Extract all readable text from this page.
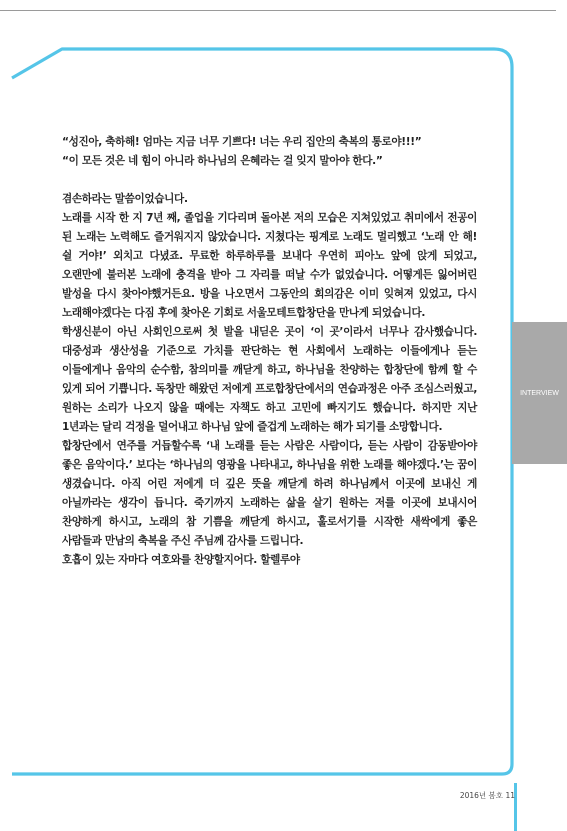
“성진아, 축하해! 엄마는 지금 너무 기쁘다! 너는 우리 집안의 축복의 통로야!!!”

“이 모든 것은 네 힘이 아니라 하나님의 은혜라는 걸 잊지 말아야 한다.”

겸손하라는 말씀이었습니다.

노래를 시작 한 지 7년 째, 졸업을 기다리며 돌아본 저의 모습은 지쳐있었고 취미에서 전공이 된 노래는 노력해도 즐거워지지 않았습니다. 지쳤다는 핑계로 노래도 멀리했고 ‘노래 안 해! 쉴 거야!’ 외치고 다녔죠. 무료한 하루하루를 보내다 우연히 피아노 앞에 앉게 되었고, 오랜만에 불러본 노래에 충격을 받아 그 자리를 떠날 수가 없었습니다. 어떻게든 잃어버린 발성을 다시 찾아야했거든요. 방을 나오면서 그동안의 회의감은 이미 잊혀져 있었고, 다시 노래해야겠다는 다짐 후에 찾아온 기회로 서울모테트합창단을 만나게 되었습니다.

학생신분이 아닌 사회인으로써 첫 발을 내딛은 곳이 ‘이 곳’이라서 너무나 감사했습니다. 대중성과 생산성을 기준으로 가치를 판단하는 현 사회에서 노래하는 이들에게나 듣는 이들에게나 음악의 순수함, 참의미를 깨닫게 하고, 하나님을 찬양하는 합창단에 함께 할 수 있게 되어 기쁩니다. 독창만 해왔던 저에게 프로합창단에서의 연습과정은 아주 조심스러웠고, 원하는 소리가 나오지 않을 때에는 자책도 하고 고민에 빠지기도 했습니다. 하지만 지난 1년과는 달리 걱정을 덜어내고 하나님 앞에 즐겁게 노래하는 해가 되기를 소망합니다.

합창단에서 연주를 거듭할수록 ‘내 노래를 듣는 사람은 사람이다, 듣는 사람이 감동받아야 좋은 음악이다.’ 보다는 ‘하나님의 영광을 나타내고, 하나님을 위한 노래를 해야겠다.’는 꿈이 생겼습니다. 아직 어린 저에게 더 깊은 뜻을 깨닫게 하려 하나님께서 이곳에 보내신 게 아닐까라는 생각이 듭니다. 죽기까지 노래하는 삶을 살기 원하는 저를 이곳에 보내시어 찬양하게 하시고, 노래의 참 기쁨을 깨닫게 하시고, 훌로서기를 시작한 새싹에게 좋은 사람들과 만남의 축복을 주신 주님께 감사를 드립니다.

호흡이 있는 자마다 여호와를 찬양할지어다. 할렐루야

INTERVIEW
2016년 봄호 11
